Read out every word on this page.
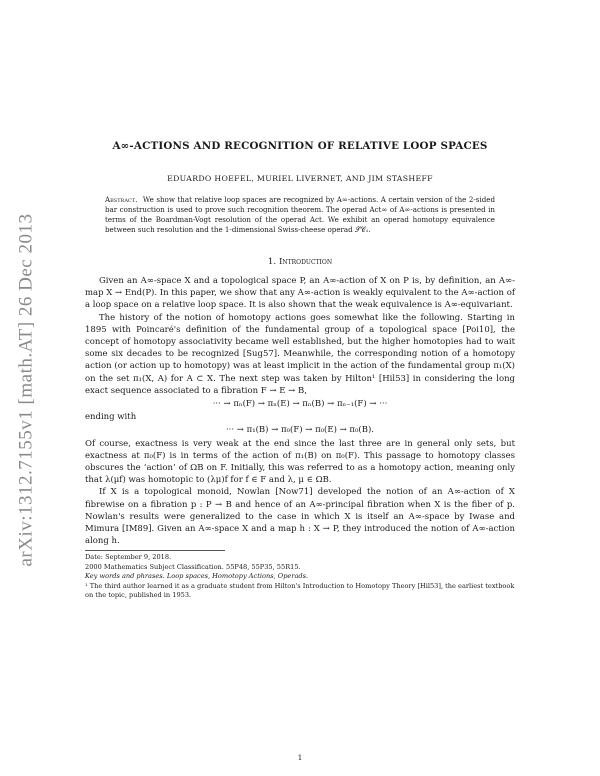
arXiv:1312.7155v1 [math.AT] 26 Dec 2013
A∞-ACTIONS AND RECOGNITION OF RELATIVE LOOP SPACES
EDUARDO HOEFEL, MURIEL LIVERNET, AND JIM STASHEFF
Abstract. We show that relative loop spaces are recognized by A∞-actions. A certain version of the 2-sided bar construction is used to prove such recognition theorem. The operad Act∞ of A∞-actions is presented in terms of the Boardman-Vogt resolution of the operad Act. We exhibit an operad homotopy equivalence between such resolution and the 1-dimensional Swiss-cheese operad 𝒮𝒞₁.
1. Introduction

Given an A∞-space X and a topological space P, an A∞-action of X on P is, by definition, an A∞-map X → End(P). In this paper, we show that any A∞-action is weakly equivalent to the A∞-action of a loop space on a relative loop space. It is also shown that the weak equivalence is A∞-equivariant.

The history of the notion of homotopy actions goes somewhat like the following. Starting in 1895 with Poincaré's definition of the fundamental group of a topological space [Poi10], the concept of homotopy associativity became well established, but the higher homotopies had to wait some six decades to be recognized [Sug57]. Meanwhile, the corresponding notion of a homotopy action (or action up to homotopy) was at least implicit in the action of the fundamental group π₁(X) on the set π₁(X, A) for A ⊂ X. The next step was taken by Hilton¹ [Hil53] in considering the long exact sequence associated to a fibration F → E → B,

··· → πₙ(F) → πₙ(E) → πₙ(B) → πₙ₋₁(F) → ···

ending with

··· → π₁(B) → π₀(F) → π₀(E) → π₀(B).

Of course, exactness is very weak at the end since the last three are in general only sets, but exactness at π₀(F) is in terms of the action of π₁(B) on π₀(F). This passage to homotopy classes obscures the ‘action’ of ΩB on F. Initially, this was referred to as a homotopy action, meaning only that λ(μf) was homotopic to (λμ)f for f ∈ F and λ, μ ∈ ΩB.

If X is a topological monoid, Nowlan [Now71] developed the notion of an A∞-action of X fibrewise on a fibration p : P → B and hence of an A∞-principal fibration when X is the fiber of p. Nowlan's results were generalized to the case in which X is itself an A∞-space by Iwase and Mimura [IM89]. Given an A∞-space X and a map h : X → P, they introduced the notion of A∞-action along h.

Date: September 9, 2018.
2000 Mathematics Subject Classification. 55P48, 55P35, 55R15.
Key words and phrases. Loop spaces, Homotopy Actions, Operads.
¹ The third author learned it as a graduate student from Hilton's Introduction to Homotopy Theory [Hil53], the earliest textbook on the topic, published in 1953.
1
